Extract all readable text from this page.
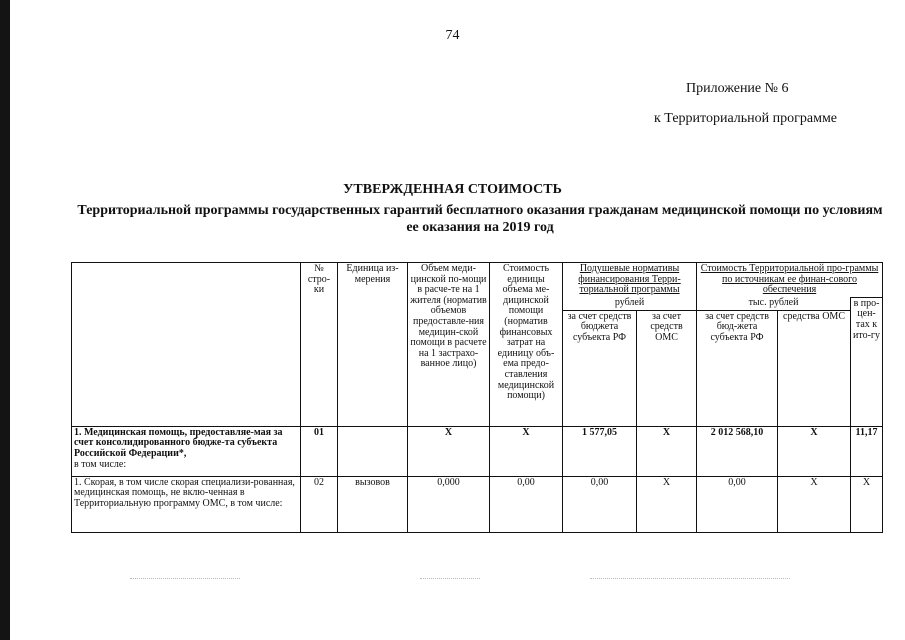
74
Приложение № 6
к Территориальной программе
УТВЕРЖДЕННАЯ СТОИМОСТЬ
Территориальной программы государственных гарантий бесплатного оказания гражданам медицинской помощи по условиям ее оказания на 2019 год
	№ стро-ки	Единица из-мерения	Объем меди-цинской по-мощи в расче-те на 1 жителя (норматив объемов предоставле-ния медицин-ской помощи в расчете на 1 застрахо-ванное лицо)	Стоимость единицы объема ме-дицинской помощи (норматив финансовых затрат на единицу объ-ема предо-ставления медицинской помощи)	Подушевые нормативы финансирования Терри-ториальной программы		Стоимость Территориальной про-граммы по источникам ее финан-сового обеспечения		
					рублей		тыс. рублей		в про-цен-тах к ито-гу
					за счет средств бюджета субъекта РФ	за счет средств ОМС	за счет средств бюд-жета субъекта РФ	средства ОМС	
1. Медицинская помощь, предоставляе-мая за счет консолидированного бюдже-та субъекта Российской Федерации*,
в том числе:	01		X	X	1 577,05	X	2 012 568,10	X	11,17
1. Скорая, в том числе скорая специализи-рованная, медицинская помощь, не вклю-ченная в Территориальную программу ОМС, в том числе:	02	вызовов	0,000	0,00	0,00	X	0,00	X	X
